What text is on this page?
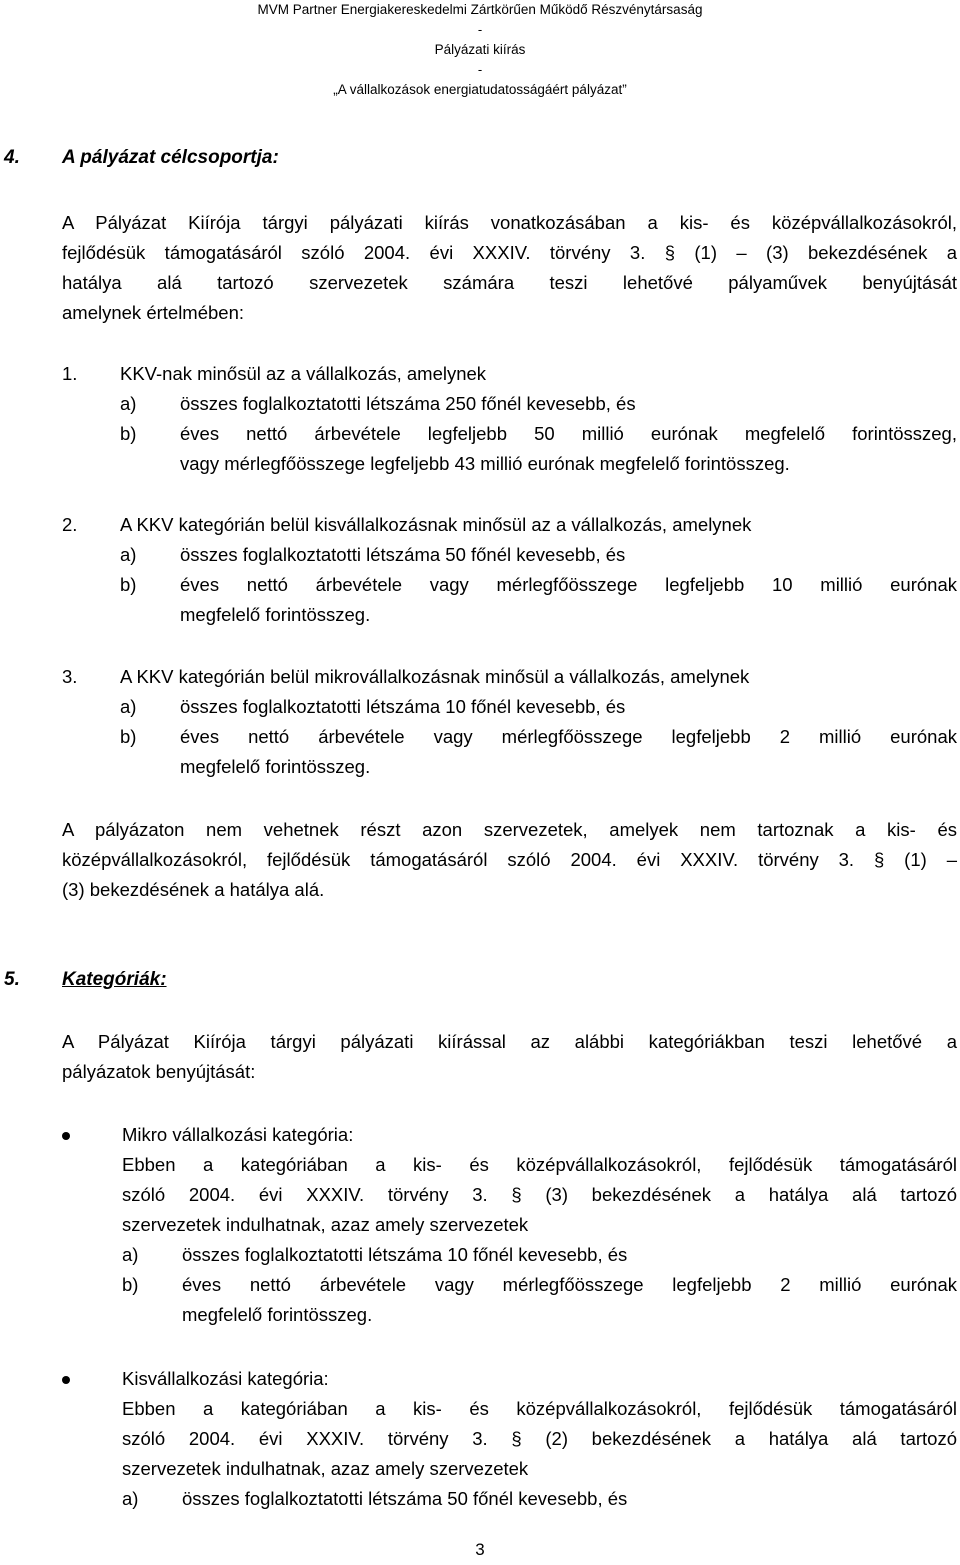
MVM Partner Energiakereskedelmi Zártkörűen Működő Részvénytársaság
-
Pályázati kiírás
-
„A vállalkozások energiatudatosságáért pályázat”
4. A pályázat célcsoportja:
A Pályázat Kiírója tárgyi pályázati kiírás vonatkozásában a kis- és középvállalkozásokról,
fejlődésük támogatásáról szóló 2004. évi XXXIV. törvény 3. § (1) – (3) bekezdésének a
hatálya alá tartozó szervezetek számára teszi lehetővé pályaművek benyújtását
amelynek értelmében:
1. KKV-nak minősül az a vállalkozás, amelynek
a) összes foglalkoztatotti létszáma 250 főnél kevesebb, és
b) éves nettó árbevétele legfeljebb 50 millió eurónak megfelelő forintösszeg,
vagy mérlegfőösszege legfeljebb 43 millió eurónak megfelelő forintösszeg.
2. A KKV kategórián belül kisvállalkozásnak minősül az a vállalkozás, amelynek
a) összes foglalkoztatotti létszáma 50 főnél kevesebb, és
b) éves nettó árbevétele vagy mérlegfőösszege legfeljebb 10 millió eurónak
megfelelő forintösszeg.
3. A KKV kategórián belül mikrovállalkozásnak minősül a vállalkozás, amelynek
a) összes foglalkoztatotti létszáma 10 főnél kevesebb, és
b) éves nettó árbevétele vagy mérlegfőösszege legfeljebb 2 millió eurónak
megfelelő forintösszeg.
A pályázaton nem vehetnek részt azon szervezetek, amelyek nem tartoznak a kis- és
középvállalkozásokról, fejlődésük támogatásáról szóló 2004. évi XXXIV. törvény 3. § (1) –
(3) bekezdésének a hatálya alá.
5. Kategóriák:
A Pályázat Kiírója tárgyi pályázati kiírással az alábbi kategóriákban teszi lehetővé a
pályázatok benyújtását:
Mikro vállalkozási kategória:
Ebben a kategóriában a kis- és középvállalkozásokról, fejlődésük támogatásáról
szóló 2004. évi XXXIV. törvény 3. § (3) bekezdésének a hatálya alá tartozó
szervezetek indulhatnak, azaz amely szervezetek
a) összes foglalkoztatotti létszáma 10 főnél kevesebb, és
b) éves nettó árbevétele vagy mérlegfőösszege legfeljebb 2 millió eurónak
megfelelő forintösszeg.
Kisvállalkozási kategória:
Ebben a kategóriában a kis- és középvállalkozásokról, fejlődésük támogatásáról
szóló 2004. évi XXXIV. törvény 3. § (2) bekezdésének a hatálya alá tartozó
szervezetek indulhatnak, azaz amely szervezetek
a) összes foglalkoztatotti létszáma 50 főnél kevesebb, és
3
